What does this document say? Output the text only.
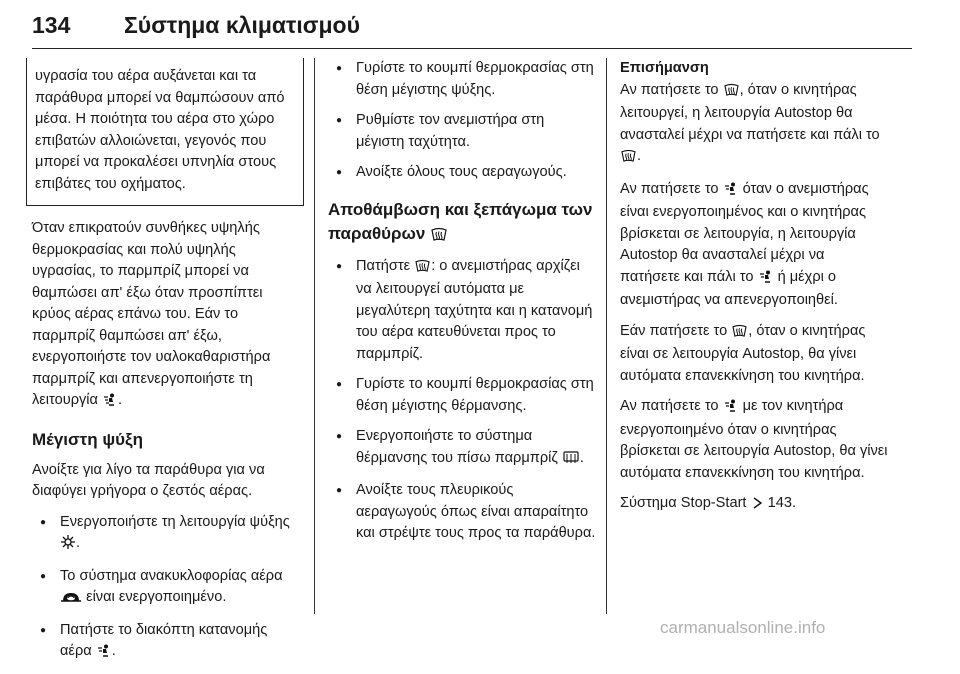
134 Σύστημα κλιματισμού
υγρασία του αέρα αυξάνεται και τα παράθυρα μπορεί να θαμπώσουν από μέσα. Η ποιότητα του αέρα στο χώρο επιβατών αλλοιώνεται, γεγονός που μπορεί να προκαλέσει υπνηλία στους επιβάτες του οχήματος.

Όταν επικρατούν συνθήκες υψηλής θερμοκρασίας και πολύ υψηλής υγρασίας, το παρμπρίζ μπορεί να θαμπώσει απ' έξω όταν προσπίπτει κρύος αέρας επάνω του. Εάν το παρμπρίζ θαμπώσει απ' έξω, ενεργοποιήστε τον υαλοκαθαριστήρα παρμπρίζ και απενεργοποιήστε τη λειτουργία .

Μέγιστη ψύξη

Ανοίξτε για λίγο τα παράθυρα για να διαφύγει γρήγορα ο ζεστός αέρας.

● Ενεργοποιήστε τη λειτουργία ψύξης .
● Το σύστημα ανακυκλοφορίας αέρα  είναι ενεργοποιημένο.
● Πατήστε το διακόπτη κατανομής αέρα .
● Γυρίστε το κουμπί θερμοκρασίας στη θέση μέγιστης ψύξης.
● Ρυθμίστε τον ανεμιστήρα στη μέγιστη ταχύτητα.
● Ανοίξτε όλους τους αεραγωγούς.
Αποθάμβωση και ξεπάγωμα των παραθύρων
● Πατήστε : ο ανεμιστήρας αρχίζει να λειτουργεί αυτόματα με μεγαλύτερη ταχύτητα και η κατανομή του αέρα κατευθύνεται προς το παρμπρίζ.
● Γυρίστε το κουμπί θερμοκρασίας στη θέση μέγιστης θέρμανσης.
● Ενεργοποιήστε το σύστημα θέρμανσης του πίσω παρμπρίζ .
● Ανοίξτε τους πλευρικούς αεραγωγούς όπως είναι απαραίτητο και στρέψτε τους προς τα παράθυρα.
Επισήμανση

Αν πατήσετε το , όταν ο κινητήρας λειτουργεί, η λειτουργία Autostop θα ανασταλεί μέχρι να πατήσετε και πάλι το .

Αν πατήσετε το όταν ο ανεμιστήρας είναι ενεργοποιημένος και ο κινητήρας βρίσκεται σε λειτουργία, η λειτουργία Autostop θα ανασταλεί μέχρι να πατήσετε και πάλι το ή μέχρι ο ανεμιστήρας να απενεργοποιηθεί.

Εάν πατήσετε το , όταν ο κινητήρας είναι σε λειτουργία Autostop, θα γίνει αυτόματα επανεκκίνηση του κινητήρα.

Αν πατήσετε το με τον κινητήρα ενεργοποιημένο όταν ο κινητήρας βρίσκεται σε λειτουργία Autostop, θα γίνει αυτόματα επανεκκίνηση του κινητήρα.

Σύστημα Stop-Start 143.

carmanualsonline.info
